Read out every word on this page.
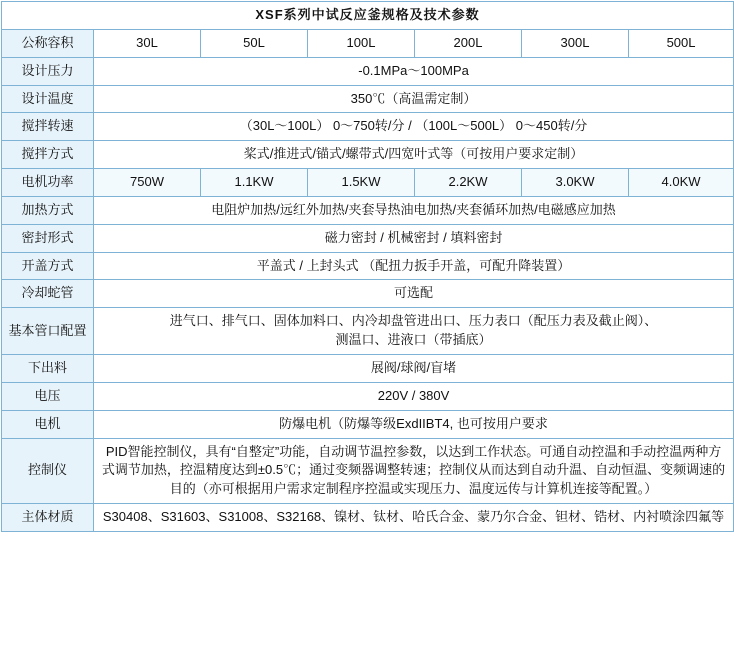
XSF系列中试反应釜规格及技术参数						
公称容积	30L	50L	100L	200L	300L	500L
设计压力	-0.1MPa～100MPa					
设计温度	350℃（高温需定制）					
搅拌转速	（30L～100L） 0～750转/分 / （100L～500L） 0～450转/分					
搅拌方式	桨式/推进式/锚式/螺带式/四宽叶式等（可按用户要求定制）					
电机功率	750W	1.1KW	1.5KW	2.2KW	3.0KW	4.0KW
加热方式	电阻炉加热/远红外加热/夹套导热油电加热/夹套循环加热/电磁感应加热					
密封形式	磁力密封 / 机械密封 / 填料密封					
开盖方式	平盖式 / 上封头式 （配扭力扳手开盖，可配升降装置）					
冷却蛇管	可选配					
基本管口配置	进气口、排气口、固体加料口、内冷却盘管进出口、压力表口（配压力表及截止阀）、
测温口、进液口（带插底）					

下出料	展阀/球阀/盲堵					
电压	220V / 380V					
电机	防爆电机（防爆等级ExdIIBT4, 也可按用户要求					
控制仪	PID智能控制仪，具有“自整定”功能，自动调节温控参数，以达到工作状态。可通自动控温和手动控温两种方式调节加热，控温精度达到±0.5℃；通过变频器调整转速；控制仪从而达到自动升温、自动恒温、变频调速的目的（亦可根据用户需求定制程序控温或实现压力、温度远传与计算机连接等配置。）					
主体材质	S30408、S31603、S31008、S32168、镍材、钛材、哈氏合金、蒙乃尔合金、钽材、锆材、内衬喷涂四氟等					
